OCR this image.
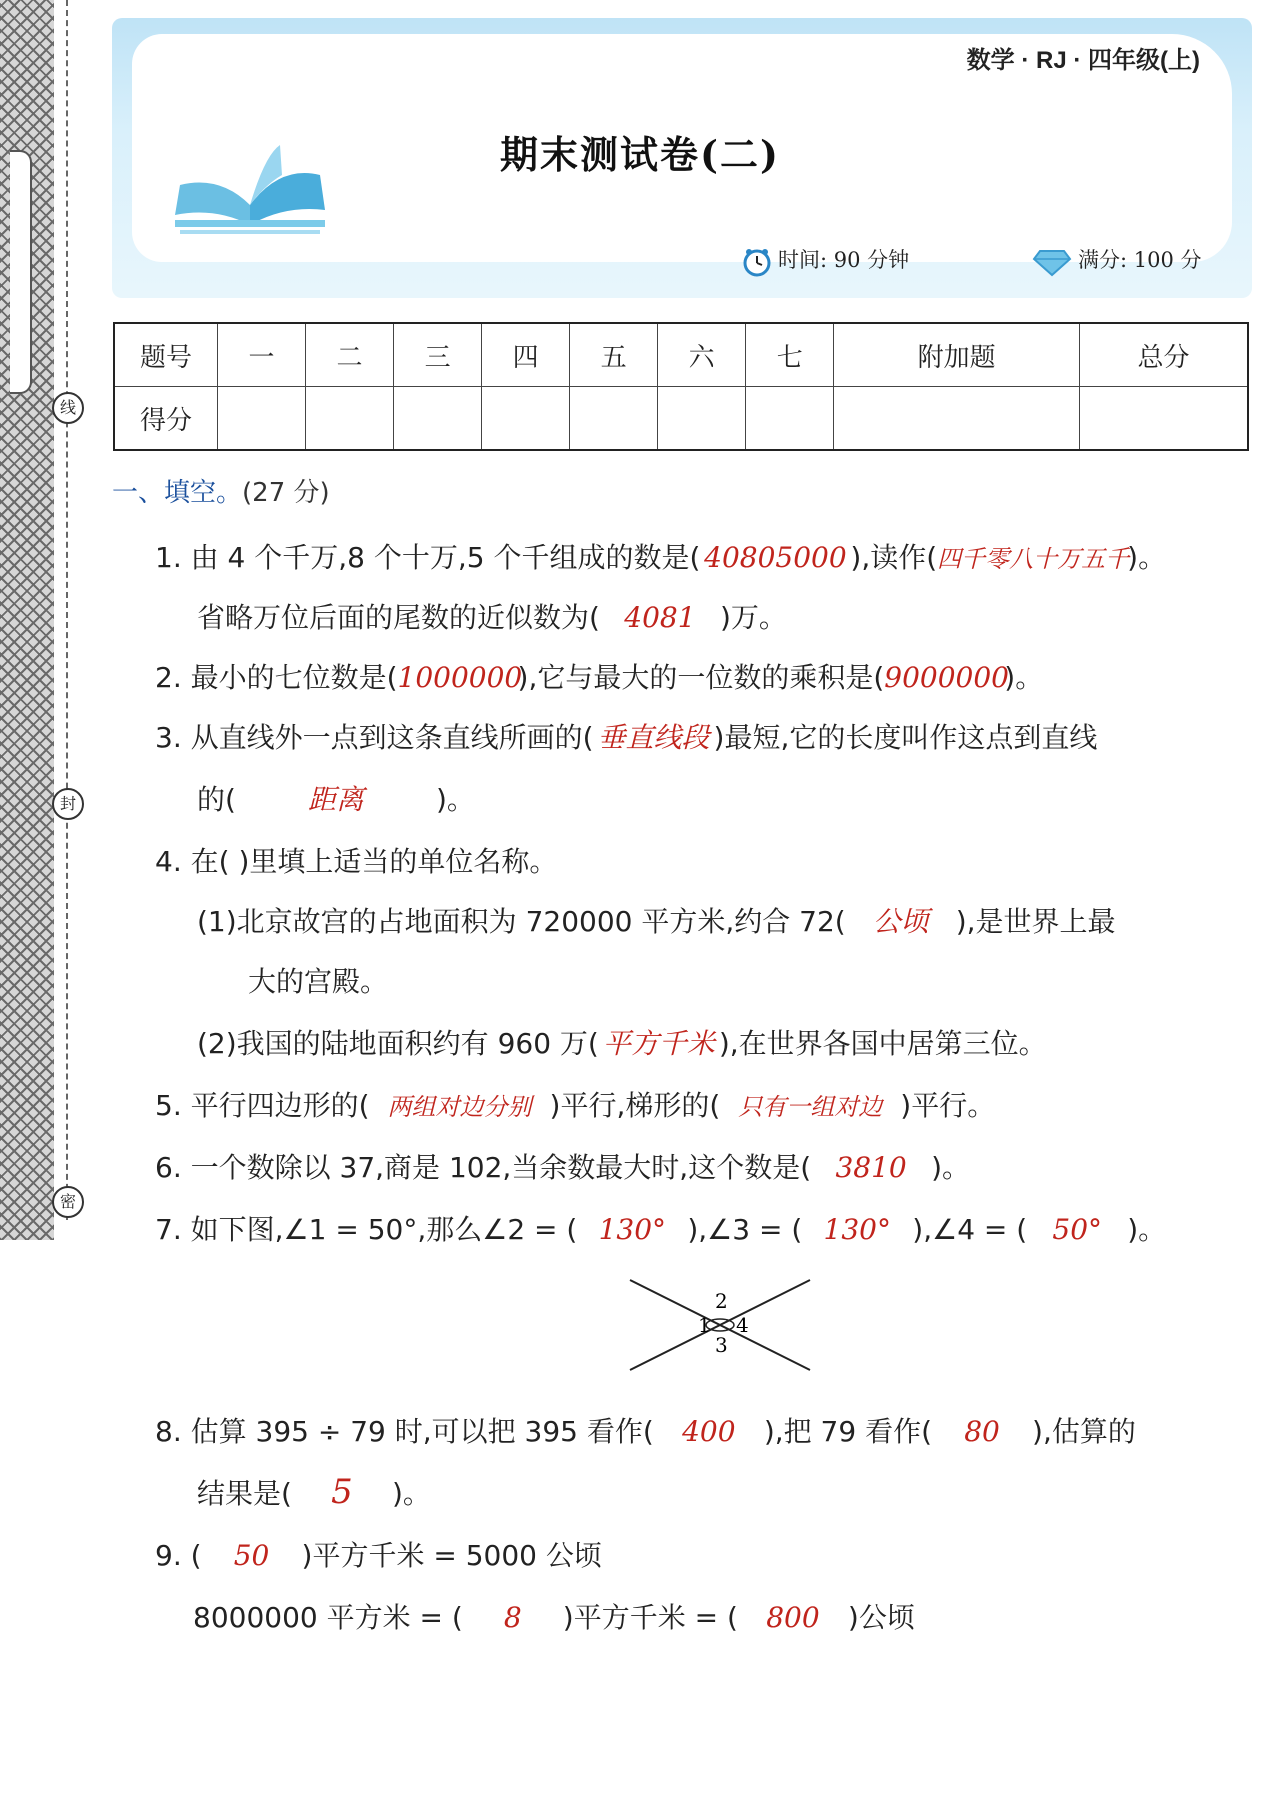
线
封
密
数学 · RJ · 四年级(上)
期末测试卷(二)
时间: 90 分钟	满分: 100 分
题号	一	二	三	四	五	六	七	附加题	总分
得分									
一、填空。(27 分)
1. 由 4 个千万,8 个十万,5 个千组成的数是( 40805000 ),读作(四千零八十万五千)。
省略万位后面的尾数的近似数为( 4081 )万。
2. 最小的七位数是(1000000),它与最大的一位数的乘积是(9000000)。
3. 从直线外一点到这条直线所画的( 垂直线段 )最短,它的长度叫作这点到直线
的(	距离	)。
4. 在( )里填上适当的单位名称。
(1)北京故宫的占地面积为 720000 平方米,约合 72( 公顷 ),是世界上最
大的宫殿。
(2)我国的陆地面积约有 960 万( 平方千米 ),在世界各国中居第三位。
5. 平行四边形的( 两组对边分别 )平行,梯形的( 只有一组对边 )平行。
6. 一个数除以 37,商是 102,当余数最大时,这个数是( 3810 )。
7. 如下图,∠1 = 50°,那么∠2 = ( 130° ),∠3 = ( 130° ),∠4 = ( 50° )。
1
2
3
4
8. 估算 395 ÷ 79 时,可以把 395 看作( 400 ),把 79 看作( 80 ),估算的
结果是( 5 )。
9. ( 50 )平方千米 = 5000 公顷
8000000 平方米 = ( 8 )平方千米 = ( 800 )公顷
